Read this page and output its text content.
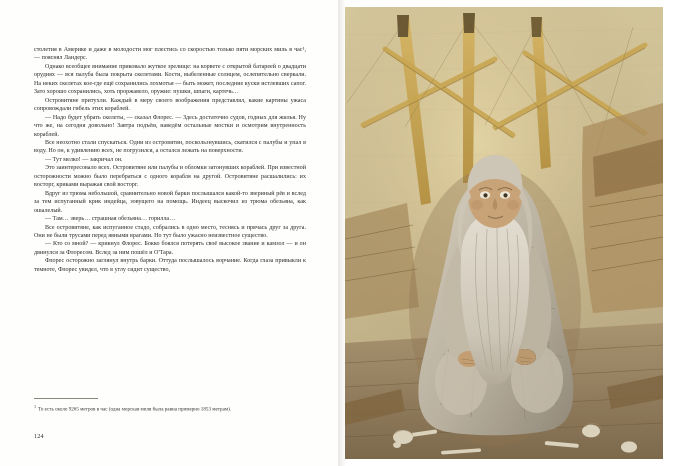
столетия в Америке и даже в молодости мог плестись со скоростью только пяти морских миль в час¹, — пояснял Ландерс.

Однако всеобщее внимание приковало жуткое зрелище: на корвете с открытой батареей о двадцати орудиях — вся палуба была покрыта скелетами. Кости, выбеленные солнцем, ослепительно сверкали. На неких скелетах кое-где ещё сохранились лохмотья — быть может, последние куски истлевших сапог. Зато хорошо сохранились, хоть проржавело, оружие: пушки, шпаги, картечь…

Островитяне притухли. Каждый в меру своего воображения представлял, какие картины ужаса сопровождали гибель этих кораблей.

— Надо будет убрать скелеты, — сказал Флорес. — Здесь достаточно судов, годных для жилья. Ну что же, на сегодня довольно! Завтра подъём, наведём остальные мостки и осмотрим внутренность кораблей.

Все неохотно стали спускаться. Одни из островитян, поскользнувшись, скатился с палубы и упал в воду. Но он, к удивлению всех, не погрузился, а остался лежать на поверхности.

— Тут мелко! — закричал он.

Это заинтересовало всех. Островитяне или палубы и обломки затонувших кораблей. При известной осторожности можно было перебраться с одного корабля на другой. Островитяне расшалились: их восторг, криками выражая свой восторг.

Вдруг из трюма небольшой, сравнительно новой барки послышался какой-то звериный рёв и вслед за тем испуганный крик индейца, зовущего на помощь. Индеец выскочил из трюма обезьяна, как ошалелый.

— Там… зверь… страшная обезьяна… горилла…

Все островитяне, как испуганное стадо, собрались в одно место, теснясь и прячась друг за друга. Они не были трусами перед явными врагами. Но тут было ужасно неизвестное существо.

— Кто со мной? — крикнул Флорес. Бокко боялся потерять своё высокое звание и камзол — и он двинулся за Флоресом. Вслед за ним пошёл и О'Тара.

Флорес осторожно заглянул внутрь барки. Оттуда послышалось ворчание. Когда глаза привыкли к темноте, Флорес увидел, что в углу сидит существо,

$^1$То есть около 9265 метров в час (одна морская миля была равна примерно 1853 метрам).
124
